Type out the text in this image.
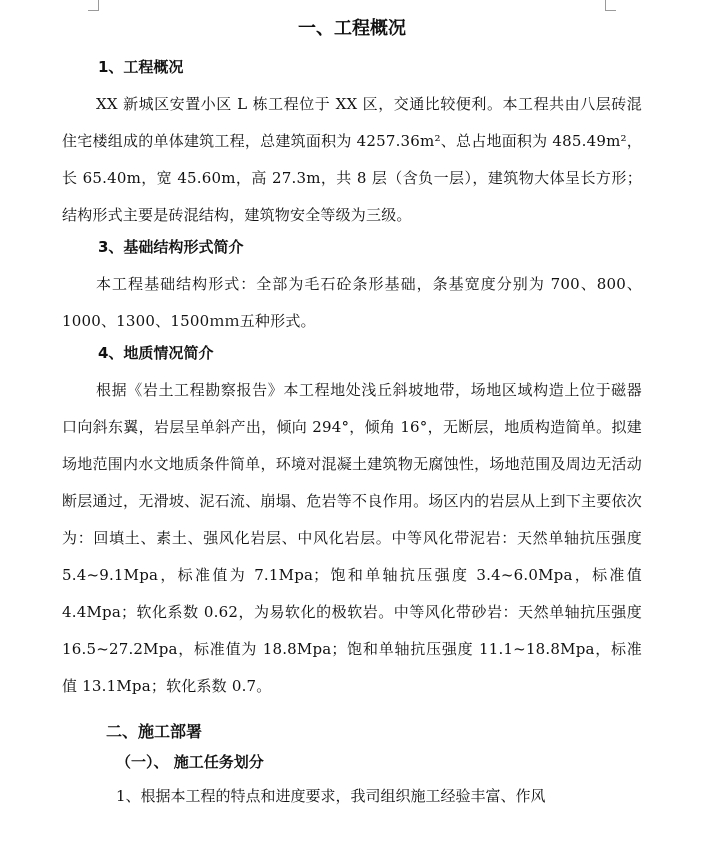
一、工程概况
1、工程概况

XX 新城区安置小区 L 栋工程位于 XX 区，交通比较便利。本工程共由八层砖混住宅楼组成的单体建筑工程，总建筑面积为 4257.36m²、总占地面积为 485.49m²，长 65.40m，宽 45.60m，高 27.3m，共 8 层（含负一层），建筑物大体呈长方形；结构形式主要是砖混结构，建筑物安全等级为三级。

3、基础结构形式简介

本工程基础结构形式：全部为毛石砼条形基础，条基宽度分别为 700、800、1000、1300、1500ｍｍ五种形式。

4、地质情况简介

根据《岩土工程勘察报告》本工程地处浅丘斜坡地带，场地区域构造上位于磁器口向斜东翼，岩层呈单斜产出，倾向 294°，倾角 16°，无断层，地质构造简单。拟建场地范围内水文地质条件简单，环境对混凝土建筑物无腐蚀性，场地范围及周边无活动断层通过，无滑坡、泥石流、崩塌、危岩等不良作用。场区内的岩层从上到下主要依次为：回填土、素土、强风化岩层、中风化岩层。中等风化带泥岩：天然单轴抗压强度 5.4~9.1Mpa，标准值为 7.1Mpa；饱和单轴抗压强度 3.4~6.0Mpa，标准值 4.4Mpa；软化系数 0.62，为易软化的极软岩。中等风化带砂岩：天然单轴抗压强度 16.5~27.2Mpa，标准值为 18.8Mpa；饱和单轴抗压强度 11.1~18.8Mpa，标准值 13.1Mpa；软化系数 0.7。

二、施工部署
（一）、 施工任务划分

1、根据本工程的特点和进度要求，我司组织施工经验丰富、作风
